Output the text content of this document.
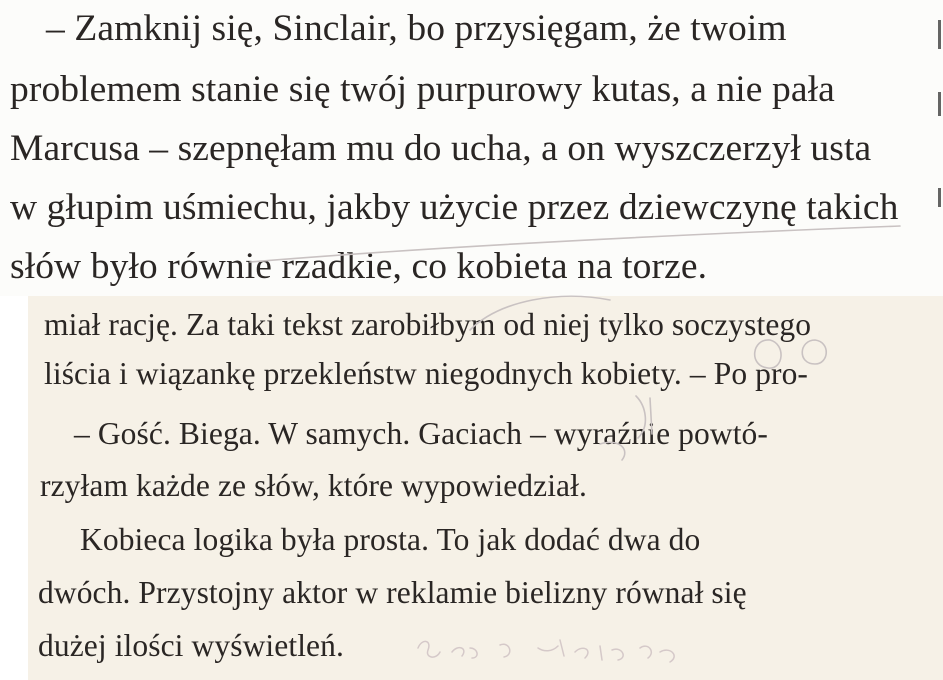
– Zamknij się, Sinclair, bo przysięgam, że twoim

problemem stanie się twój purpurowy kutas, a nie pała

Marcusa – szepnęłam mu do ucha, a on wyszczerzył usta

w głupim uśmiechu, jakby użycie przez dziewczynę takich

słów było równie rzadkie, co kobieta na torze.

miał rację. Za taki tekst zarobiłbym od niej tylko soczystego

liścia i wiązankę przekleństw niegodnych kobiety. – Po pro-

– Gość. Biega. W samych. Gaciach – wyraźnie powtó-

rzyłam każde ze słów, które wypowiedział.

Kobieca logika była prosta. To jak dodać dwa do

dwóch. Przystojny aktor w reklamie bielizny równał się

dużej ilości wyświetleń.
